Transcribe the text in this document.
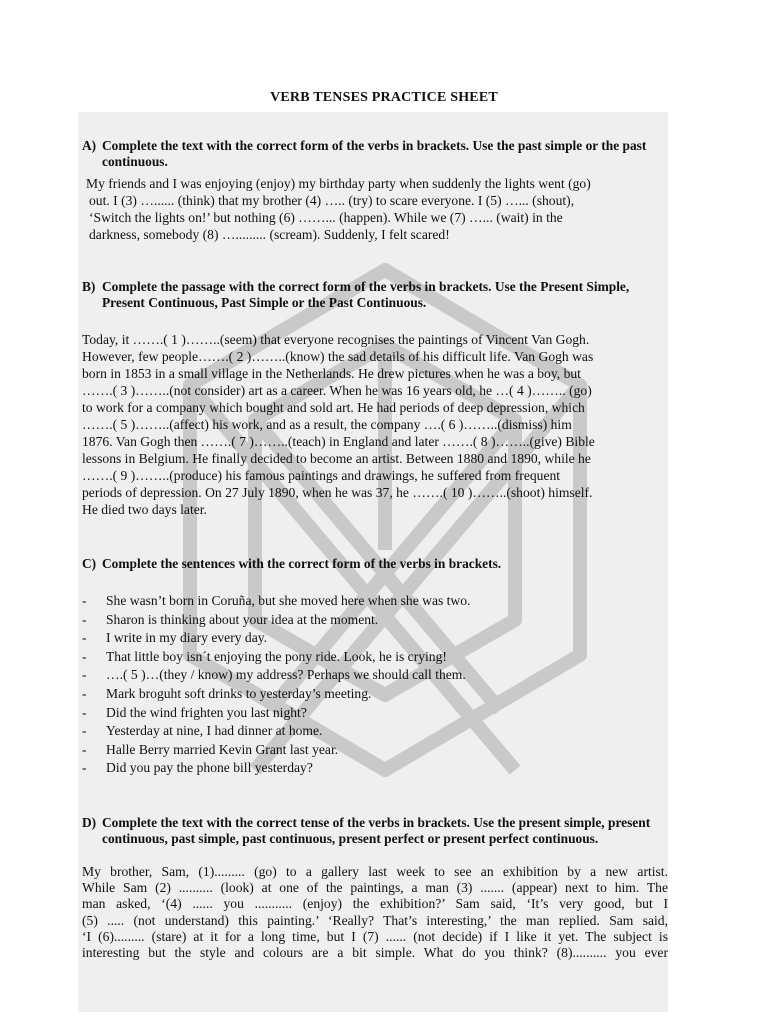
VERB TENSES PRACTICE SHEET
A) Complete the text with the correct form of the verbs in brackets. Use the past simple or the past continuous.

My friends and I was enjoying (enjoy) my birthday party when suddenly the lights went (go)

out. I (3) …...... (think) that my brother (4) ….. (try) to scare everyone. I (5) …... (shout),

‘Switch the lights on!’ but nothing (6) ……... (happen). While we (7) …... (wait) in the

darkness, somebody (8) …......... (scream). Suddenly, I felt scared!

B) Complete the passage with the correct form of the verbs in brackets. Use the Present Simple, Present Continuous, Past Simple or the Past Continuous.

Today, it …….( 1 )……..(seem) that everyone recognises the paintings of Vincent Van Gogh.

However, few people…….( 2 )……..(know) the sad details of his difficult life. Van Gogh was

born in 1853 in a small village in the Netherlands. He drew pictures when he was a boy, but

…….( 3 )……..(not consider) art as a career. When he was 16 years old, he …( 4 )…….. (go)

to work for a company which bought and sold art. He had periods of deep depression, which

…….( 5 )……..(affect) his work, and as a result, the company ….( 6 )……..(dismiss) him

1876. Van Gogh then …….( 7 )……..(teach) in England and later …….( 8 )……..(give) Bible

lessons in Belgium. He finally decided to become an artist. Between 1880 and 1890, while he

…….( 9 )……..(produce) his famous paintings and drawings, he suffered from frequent

periods of depression. On 27 July 1890, when he was 37, he …….( 10 )……..(shoot) himself.

He died two days later.

C) Complete the sentences with the correct form of the verbs in brackets.
-	She wasn’t born in Coruña, but she moved here when she was two.
-	Sharon is thinking about your idea at the moment.
-	I write in my diary every day.
-	That little boy isn´t enjoying the pony ride. Look, he is crying!
-	….( 5 )…(they / know) my address? Perhaps we should call them.
-	Mark broguht soft drinks to yesterday’s meeting.
-	Did the wind frighten you last night?
-	Yesterday at nine, I had dinner at home.
-	Halle Berry married Kevin Grant last year.
-	Did you pay the phone bill yesterday?
D) Complete the text with the correct tense of the verbs in brackets. Use the present simple, present continuous, past simple, past continuous, present perfect or present perfect continuous.

My brother, Sam, (1)......... (go) to a gallery last week to see an exhibition by a new artist.

While Sam (2) .......... (look) at one of the paintings, a man (3) ....... (appear) next to him. The

man asked, ‘(4) ...... you ........... (enjoy) the exhibition?’ Sam said, ‘It’s very good, but I

(5) ..... (not understand) this painting.’ ‘Really? That’s interesting,’ the man replied. Sam said,

‘I (6)......... (stare) at it for a long time, but I (7) ...... (not decide) if I like it yet. The subject is

interesting but the style and colours are a bit simple. What do you think? (8).......... you ever
